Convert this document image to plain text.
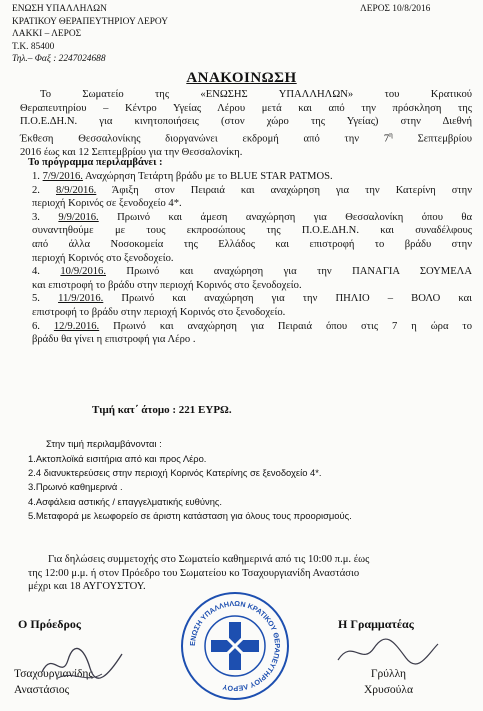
ΕΝΩΣΗ ΥΠΑΛΛΗΛΩΝ
ΚΡΑΤΙΚΟΥ ΘΕΡΑΠΕΥΤΗΡΙΟΥ ΛΕΡΟΥ
ΛΑΚΚΙ – ΛΕΡΟΣ
Τ.Κ. 85400
Τηλ.– Φαξ : 2247024688
ΛΕΡΟΣ 10/8/2016
ΑΝΑΚΟΙΝΩΣΗ
Το Σωματείο της «ΕΝΩΣΗΣ ΥΠΑΛΛΗΛΩΝ» του Κρατικού
Θεραπευτηρίου – Κέντρο Υγείας Λέρου μετά και από την πρόσκληση της
Π.Ο.Ε.ΔΗ.Ν. για κινητοποιήσεις (στον χώρο της Υγείας) στην Διεθνή
Έκθεση Θεσσαλονίκης διοργανώνει εκδρομή από την $7^\eta$ Σεπτεμβρίου
2016 έως και 12 Σεπτεμβρίου για την Θεσσαλονίκη.
Το πρόγραμμα περιλαμβάνει :
1. 7/9/2016. Αναχώρηση Τετάρτη βράδυ με το BLUE STAR PATMOS.
2. 8/9/2016. Άφιξη στον Πειραιά και αναχώρηση για την Κατερίνη στην
περιοχή Κορινός σε ξενοδοχείο 4*.
3. 9/9/2016. Πρωινό και άμεση αναχώρηση για Θεσσαλονίκη όπου θα
συναντηθούμε με τους εκπροσώπους της Π.Ο.Ε.ΔΗ.Ν. και συναδέλφους
από άλλα Νοσοκομεία της Ελλάδος και επιστροφή το βράδυ στην
περιοχή Κορινός στο ξενοδοχείο.
4. 10/9/2016. Πρωινό και αναχώρηση για την ΠΑΝΑΓΙΑ ΣΟΥΜΕΛΑ
και επιστροφή το βράδυ στην περιοχή Κορινός στο ξενοδοχείο.
5. 11/9/2016. Πρωινό και αναχώρηση για την ΠΗΛΙΟ – ΒΟΛΟ και
επιστροφή το βράδυ στην περιοχή Κορινός στο ξενοδοχείο.
6. 12/9.2016. Πρωινό και αναχώρηση για Πειραιά όπου στις 7 η ώρα το
βράδυ θα γίνει η επιστροφή για Λέρο .
Τιμή κατ΄ άτομο : 221 ΕΥΡΩ.
Στην τιμή περιλαμβάνονται :
1.Ακτοπλοϊκά εισιτήρια από και προς Λέρο.
2.4 διανυκτερεύσεις στην περιοχή Κορινός Κατερίνης σε ξενοδοχείο 4*.
3.Πρωινό καθημερινά .
4.Ασφάλεια αστικής / επαγγελματικής ευθύνης.
5.Μεταφορά με λεωφορείο σε άριστη κατάσταση για όλους τους προορισμούς.
Για δηλώσεις συμμετοχής στο Σωματείο καθημερινά από τις 10:00 π.μ. έως
της 12:00 μ.μ. ή στον Πρόεδρο του Σωματείου κο Τσαχουργιανίδη Αναστάσιο
μέχρι και 18 ΑΥΓΟΥΣΤΟΥ.
Ο Πρόεδρος
Τσαχουργιανίδης
Αναστάσιος
Η Γραμματέας
Γρύλλη
Χρυσούλα
ΕΝΩΣΗ ΥΠΑΛΛΗΛΩΝ ΚΡΑΤΙΚΟΥ ΘΕΡΑΠΕΥΤΗΡΙΟΥ ΛΕΡΟΥ
